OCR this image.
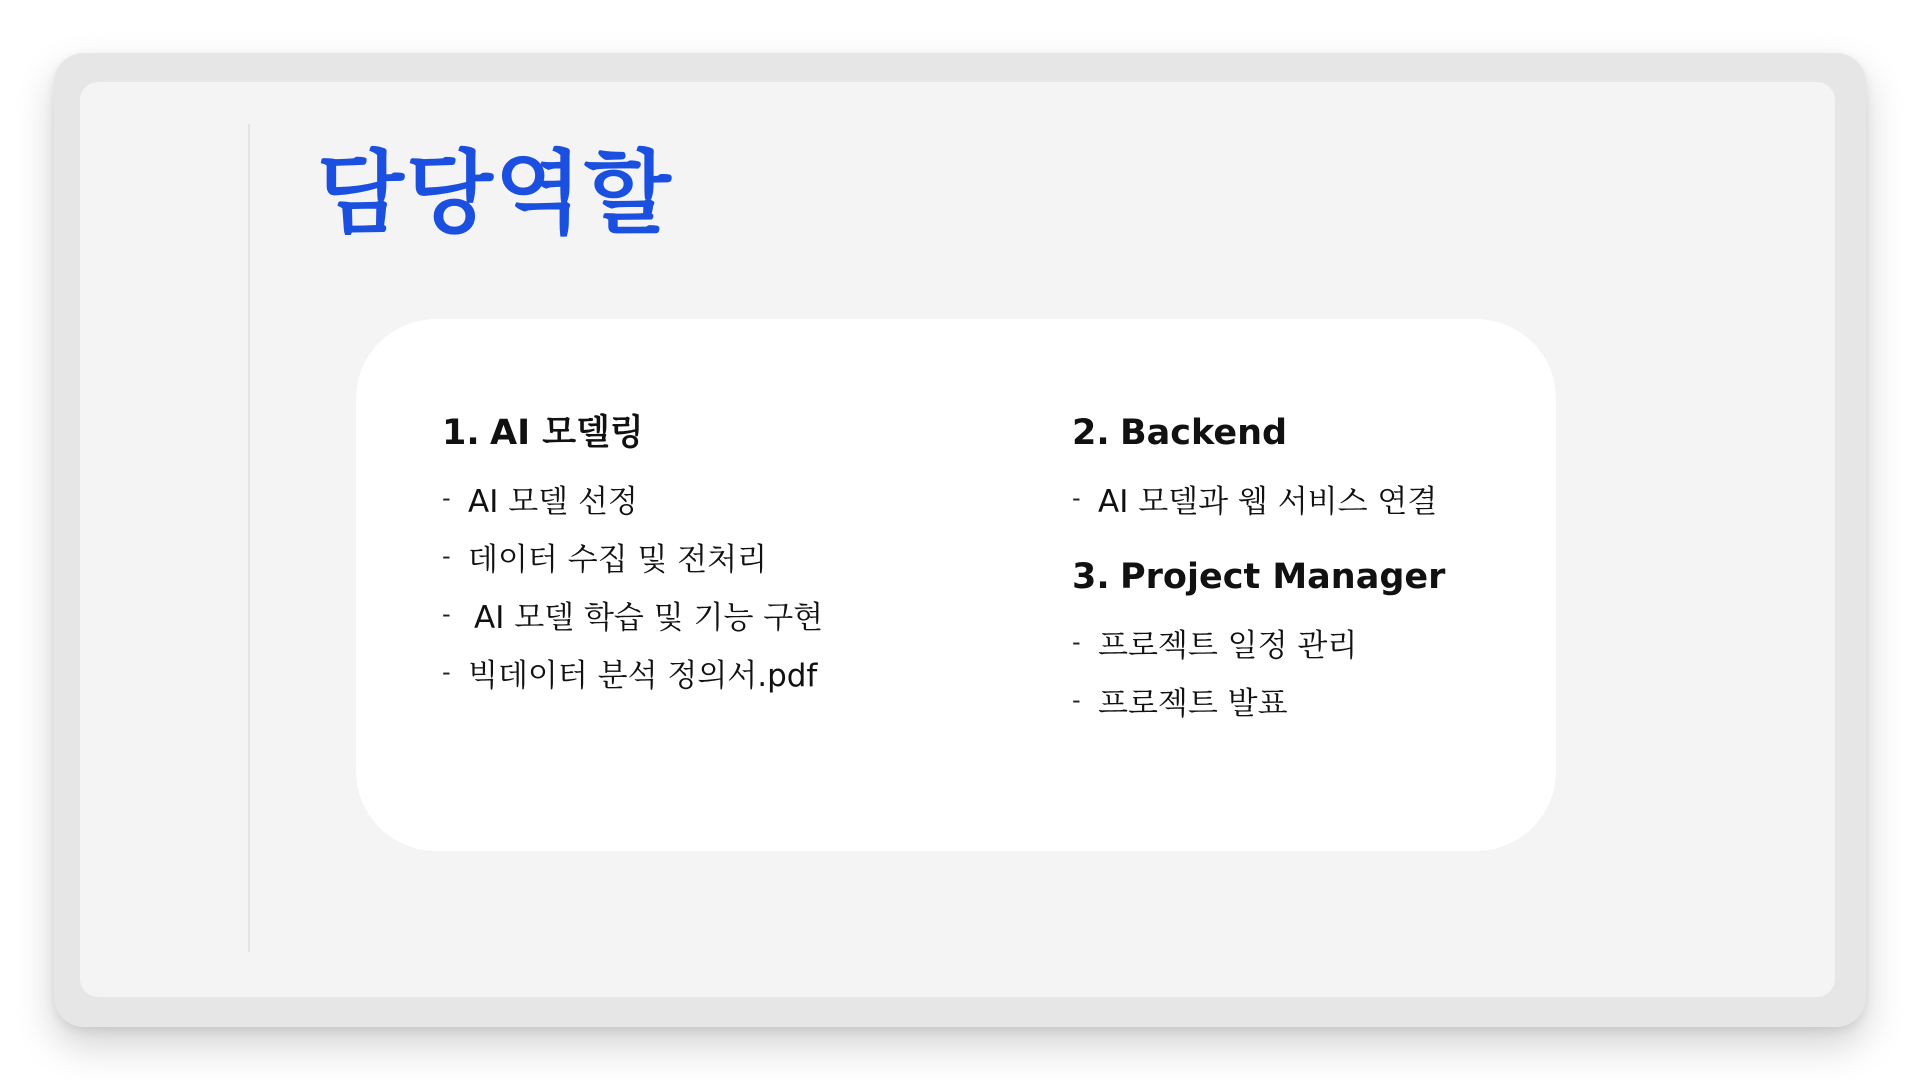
담당역할
1. AI 모델링
- AI 모델 선정
- 데이터 수집 및 전처리
- AI 모델 학습 및 기능 구현
- 빅데이터 분석 정의서.pdf
2. Backend
- AI 모델과 웹 서비스 연결
3. Project Manager
- 프로젝트 일정 관리
- 프로젝트 발표
